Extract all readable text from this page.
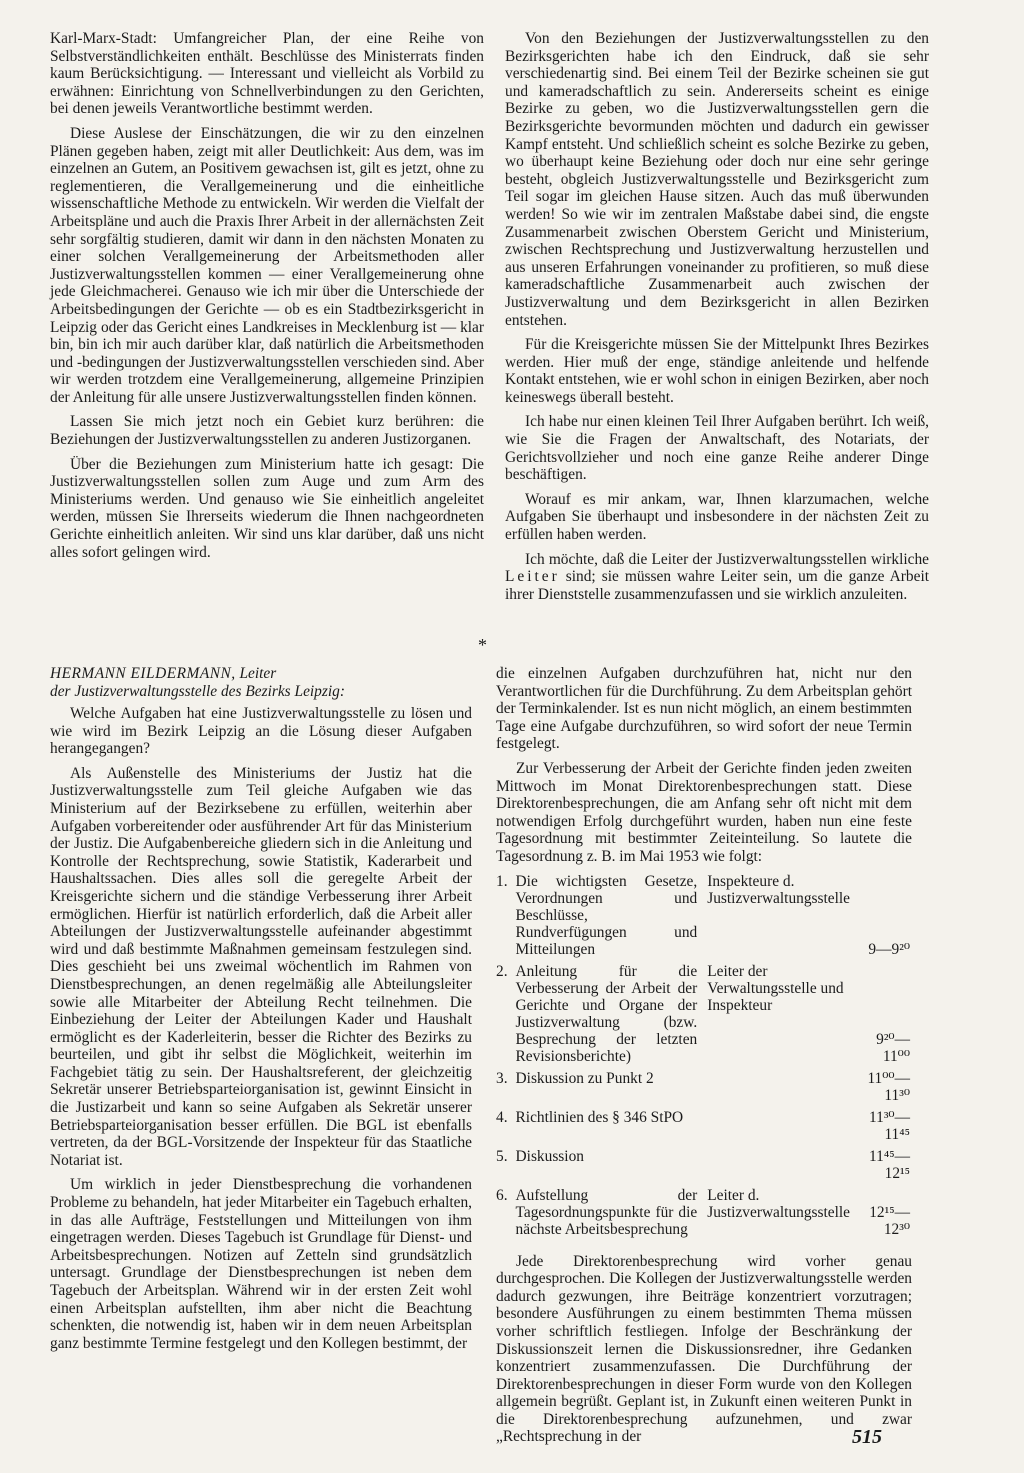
Karl-Marx-Stadt: Umfangreicher Plan, der eine Reihe von Selbstverständlichkeiten enthält. Beschlüsse des Ministerrats finden kaum Berücksichtigung. — Interessant und vielleicht als Vorbild zu erwähnen: Einrichtung von Schnellverbindungen zu den Gerichten, bei denen jeweils Verantwortliche bestimmt werden.

Diese Auslese der Einschätzungen, die wir zu den einzelnen Plänen gegeben haben, zeigt mit aller Deutlichkeit: Aus dem, was im einzelnen an Gutem, an Positivem gewachsen ist, gilt es jetzt, ohne zu reglementieren, die Verallgemeinerung und die einheitliche wissenschaftliche Methode zu entwickeln. Wir werden die Vielfalt der Arbeitspläne und auch die Praxis Ihrer Arbeit in der allernächsten Zeit sehr sorgfältig studieren, damit wir dann in den nächsten Monaten zu einer solchen Verallgemeinerung der Arbeitsmethoden aller Justizverwaltungsstellen kommen — einer Verallgemeinerung ohne jede Gleichmacherei. Genauso wie ich mir über die Unterschiede der Arbeitsbedingungen der Gerichte — ob es ein Stadtbezirksgericht in Leipzig oder das Gericht eines Landkreises in Mecklenburg ist — klar bin, bin ich mir auch darüber klar, daß natürlich die Arbeitsmethoden und -bedingungen der Justizverwaltungsstellen verschieden sind. Aber wir werden trotzdem eine Verallgemeinerung, allgemeine Prinzipien der Anleitung für alle unsere Justizverwaltungsstellen finden können.

Lassen Sie mich jetzt noch ein Gebiet kurz berühren: die Beziehungen der Justizverwaltungsstellen zu anderen Justizorganen.

Über die Beziehungen zum Ministerium hatte ich gesagt: Die Justizverwaltungsstellen sollen zum Auge und zum Arm des Ministeriums werden. Und genauso wie Sie einheitlich angeleitet werden, müssen Sie Ihrerseits wiederum die Ihnen nachgeordneten Gerichte einheitlich anleiten. Wir sind uns klar darüber, daß uns nicht alles sofort gelingen wird.

Von den Beziehungen der Justizverwaltungsstellen zu den Bezirksgerichten habe ich den Eindruck, daß sie sehr verschiedenartig sind. Bei einem Teil der Bezirke scheinen sie gut und kameradschaftlich zu sein. Andererseits scheint es einige Bezirke zu geben, wo die Justizverwaltungsstellen gern die Bezirksgerichte bevormunden möchten und dadurch ein gewisser Kampf entsteht. Und schließlich scheint es solche Bezirke zu geben, wo überhaupt keine Beziehung oder doch nur eine sehr geringe besteht, obgleich Justizverwaltungsstelle und Bezirksgericht zum Teil sogar im gleichen Hause sitzen. Auch das muß überwunden werden! So wie wir im zentralen Maßstabe dabei sind, die engste Zusammenarbeit zwischen Oberstem Gericht und Ministerium, zwischen Rechtsprechung und Justizverwaltung herzustellen und aus unseren Erfahrungen voneinander zu profitieren, so muß diese kameradschaftliche Zusammenarbeit auch zwischen der Justizverwaltung und dem Bezirksgericht in allen Bezirken entstehen.

Für die Kreisgerichte müssen Sie der Mittelpunkt Ihres Bezirkes werden. Hier muß der enge, ständige anleitende und helfende Kontakt entstehen, wie er wohl schon in einigen Bezirken, aber noch keineswegs überall besteht.

Ich habe nur einen kleinen Teil Ihrer Aufgaben berührt. Ich weiß, wie Sie die Fragen der Anwaltschaft, des Notariats, der Gerichtsvollzieher und noch eine ganze Reihe anderer Dinge beschäftigen.

Worauf es mir ankam, war, Ihnen klarzumachen, welche Aufgaben Sie überhaupt und insbesondere in der nächsten Zeit zu erfüllen haben werden.

Ich möchte, daß die Leiter der Justizverwaltungsstellen wirkliche Leiter sind; sie müssen wahre Leiter sein, um die ganze Arbeit ihrer Dienststelle zusammenzufassen und sie wirklich anzuleiten.

*
HERMANN EILDERMANN, Leiter
der Justizverwaltungsstelle des Bezirks Leipzig:

Welche Aufgaben hat eine Justizverwaltungsstelle zu lösen und wie wird im Bezirk Leipzig an die Lösung dieser Aufgaben herangegangen?

Als Außenstelle des Ministeriums der Justiz hat die Justizverwaltungsstelle zum Teil gleiche Aufgaben wie das Ministerium auf der Bezirksebene zu erfüllen, weiterhin aber Aufgaben vorbereitender oder ausführender Art für das Ministerium der Justiz. Die Aufgabenbereiche gliedern sich in die Anleitung und Kontrolle der Rechtsprechung, sowie Statistik, Kaderarbeit und Haushaltssachen. Dies alles soll die geregelte Arbeit der Kreisgerichte sichern und die ständige Verbesserung ihrer Arbeit ermöglichen. Hierfür ist natürlich erforderlich, daß die Arbeit aller Abteilungen der Justizverwaltungsstelle aufeinander abgestimmt wird und daß bestimmte Maßnahmen gemeinsam festzulegen sind. Dies geschieht bei uns zweimal wöchentlich im Rahmen von Dienstbesprechungen, an denen regelmäßig alle Abteilungsleiter sowie alle Mitarbeiter der Abteilung Recht teilnehmen. Die Einbeziehung der Leiter der Abteilungen Kader und Haushalt ermöglicht es der Kaderleiterin, besser die Richter des Bezirks zu beurteilen, und gibt ihr selbst die Möglichkeit, weiterhin im Fachgebiet tätig zu sein. Der Haushaltsreferent, der gleichzeitig Sekretär unserer Betriebsparteiorganisation ist, gewinnt Einsicht in die Justizarbeit und kann so seine Aufgaben als Sekretär unserer Betriebsparteiorganisation besser erfüllen. Die BGL ist ebenfalls vertreten, da der BGL-Vorsitzende der Inspekteur für das Staatliche Notariat ist.

Um wirklich in jeder Dienstbesprechung die vorhandenen Probleme zu behandeln, hat jeder Mitarbeiter ein Tagebuch erhalten, in das alle Aufträge, Feststellungen und Mitteilungen von ihm eingetragen werden. Dieses Tagebuch ist Grundlage für Dienst- und Arbeitsbesprechungen. Notizen auf Zetteln sind grundsätzlich untersagt. Grundlage der Dienstbesprechungen ist neben dem Tagebuch der Arbeitsplan. Während wir in der ersten Zeit wohl einen Arbeitsplan aufstellten, ihm aber nicht die Beachtung schenkten, die notwendig ist, haben wir in dem neuen Arbeitsplan ganz bestimmte Termine festgelegt und den Kollegen bestimmt, der

die einzelnen Aufgaben durchzuführen hat, nicht nur den Verantwortlichen für die Durchführung. Zu dem Arbeitsplan gehört der Terminkalender. Ist es nun nicht möglich, an einem bestimmten Tage eine Aufgabe durchzuführen, so wird sofort der neue Termin festgelegt.

Zur Verbesserung der Arbeit der Gerichte finden jeden zweiten Mittwoch im Monat Direktorenbesprechungen statt. Diese Direktorenbesprechungen, die am Anfang sehr oft nicht mit dem notwendigen Erfolg durchgeführt wurden, haben nun eine feste Tagesordnung mit bestimmter Zeiteinteilung. So lautete die Tagesordnung z. B. im Mai 1953 wie folgt:

1.	Die wichtigsten Gesetze, Verordnungen und Beschlüsse, Rundverfügungen und Mitteilungen	Inspekteure d. Justizverwaltungsstelle	9—9²⁰
2.	Anleitung für die Verbesserung der Arbeit der Gerichte und Organe der Justizverwaltung (bzw. Besprechung der letzten Revisionsberichte)	Leiter der Verwaltungsstelle und Inspekteur	9²⁰—11⁰⁰
3.	Diskussion zu Punkt 2		11⁰⁰—11³⁰
4.	Richtlinien des § 346 StPO		11³⁰—11⁴⁵
5.	Diskussion		11⁴⁵—12¹⁵
6.	Aufstellung der Tagesordnungspunkte für die nächste Arbeitsbesprechung	Leiter d. Justizverwaltungsstelle	12¹⁵—12³⁰

Jede Direktorenbesprechung wird vorher genau durchgesprochen. Die Kollegen der Justizverwaltungsstelle werden dadurch gezwungen, ihre Beiträge konzentriert vorzutragen; besondere Ausführungen zu einem bestimmten Thema müssen vorher schriftlich festliegen. Infolge der Beschränkung der Diskussionszeit lernen die Diskussionsredner, ihre Gedanken konzentriert zusammenzufassen. Die Durchführung der Direktorenbesprechungen in dieser Form wurde von den Kollegen allgemein begrüßt. Geplant ist, in Zukunft einen weiteren Punkt in die Direktorenbesprechung aufzunehmen, und zwar „Rechtsprechung in der	515
